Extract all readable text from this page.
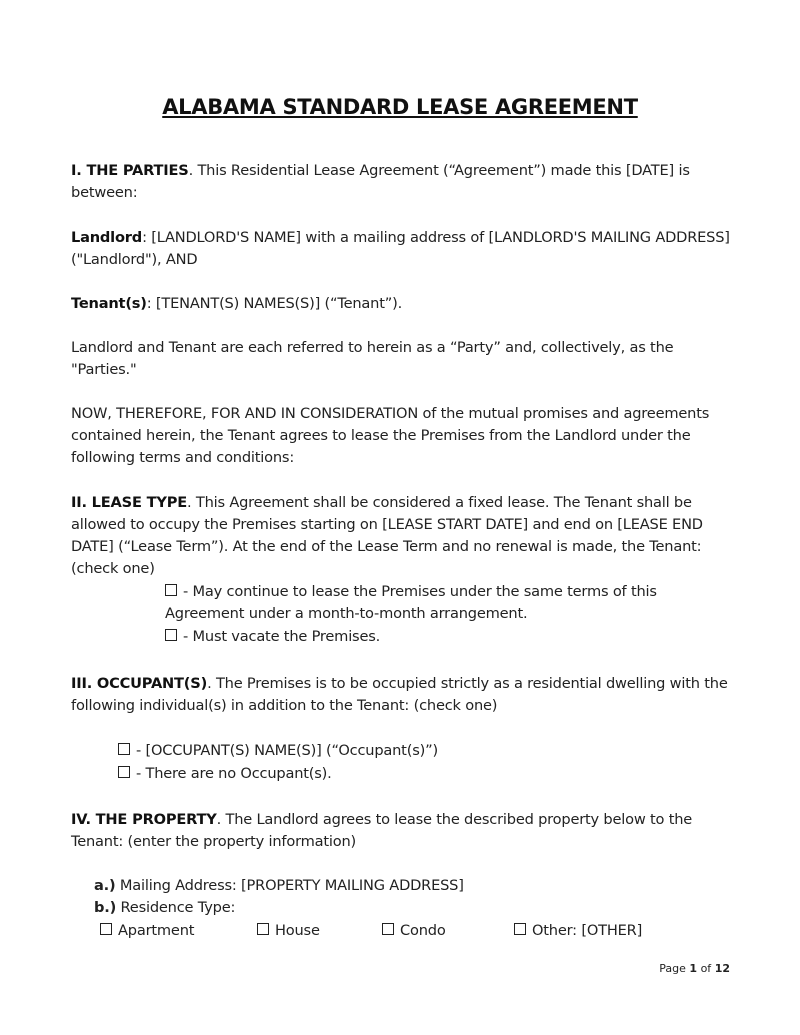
ALABAMA STANDARD LEASE AGREEMENT
I. THE PARTIES. This Residential Lease Agreement (“Agreement”) made this [DATE] is between:
Landlord: [LANDLORD'S NAME] with a mailing address of [LANDLORD'S MAILING ADDRESS] ("Landlord"), AND
Tenant(s): [TENANT(S) NAMES(S)] (“Tenant”).
Landlord and Tenant are each referred to herein as a “Party” and, collectively, as the "Parties."
NOW, THEREFORE, FOR AND IN CONSIDERATION of the mutual promises and agreements contained herein, the Tenant agrees to lease the Premises from the Landlord under the following terms and conditions:
II. LEASE TYPE. This Agreement shall be considered a fixed lease. The Tenant shall be allowed to occupy the Premises starting on [LEASE START DATE] and end on [LEASE END DATE] (“Lease Term”). At the end of the Lease Term and no renewal is made, the Tenant: (check one)
- May continue to lease the Premises under the same terms of this Agreement under a month-to-month arrangement.
- Must vacate the Premises.
III. OCCUPANT(S). The Premises is to be occupied strictly as a residential dwelling with the following individual(s) in addition to the Tenant: (check one)
- [OCCUPANT(S) NAME(S)] (“Occupant(s)”)
- There are no Occupant(s).
IV. THE PROPERTY. The Landlord agrees to lease the described property below to the Tenant: (enter the property information)
a.) Mailing Address: [PROPERTY MAILING ADDRESS]
b.) Residence Type:
Apartment	House	Condo	Other: [OTHER]
Page 1 of 12
